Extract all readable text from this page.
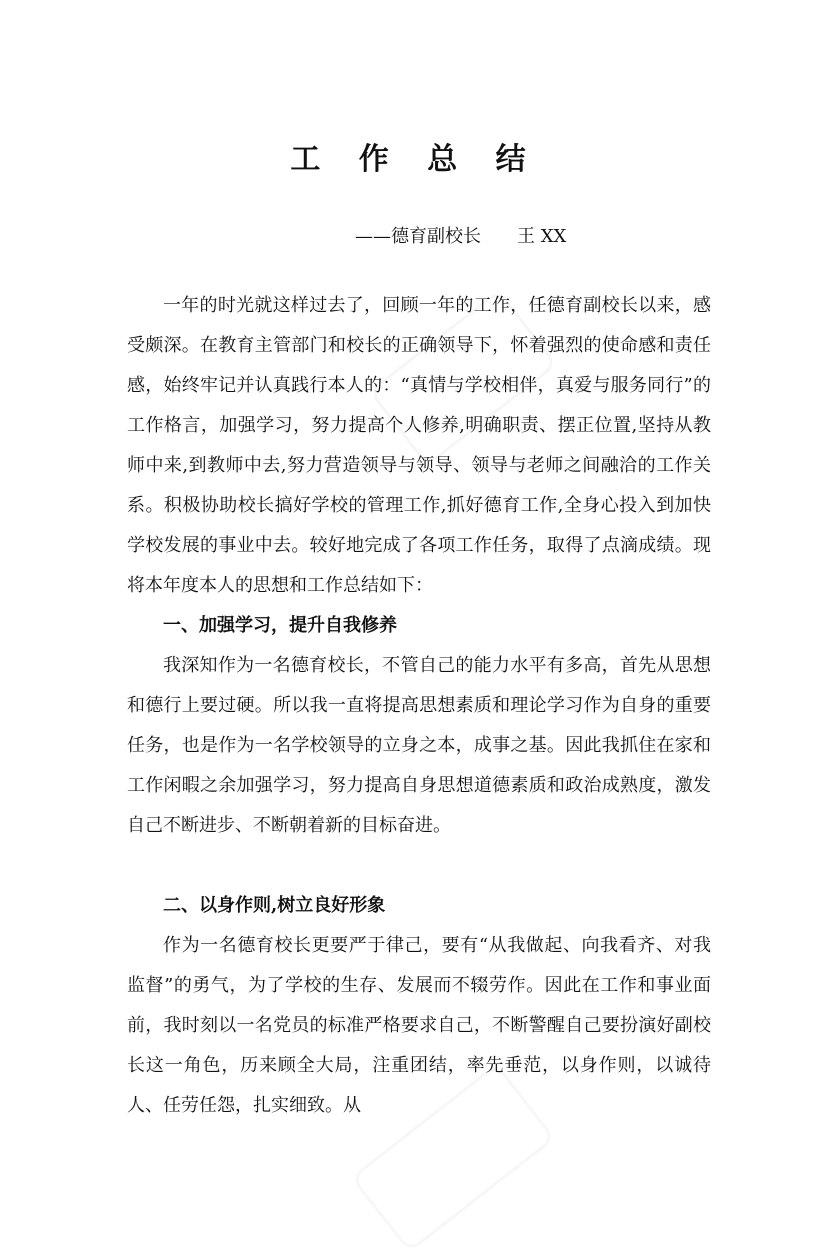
工 作 总 结
——德育副校长 王 XX

一年的时光就这样过去了，回顾一年的工作，任德育副校长以来，感受颇深。在教育主管部门和校长的正确领导下，怀着强烈的使命感和责任感，始终牢记并认真践行本人的：“真情与学校相伴，真爱与服务同行”的工作格言，加强学习，努力提高个人修养,明确职责、摆正位置,坚持从教师中来,到教师中去,努力营造领导与领导、领导与老师之间融洽的工作关系。积极协助校长搞好学校的管理工作,抓好德育工作,全身心投入到加快学校发展的事业中去。较好地完成了各项工作任务，取得了点滴成绩。现将本年度本人的思想和工作总结如下：

一、加强学习，提升自我修养

我深知作为一名德育校长，不管自己的能力水平有多高，首先从思想和德行上要过硬。所以我一直将提高思想素质和理论学习作为自身的重要任务，也是作为一名学校领导的立身之本，成事之基。因此我抓住在家和工作闲暇之余加强学习，努力提高自身思想道德素质和政治成熟度，激发自己不断进步、不断朝着新的目标奋进。

二、以身作则,树立良好形象

作为一名德育校长更要严于律己，要有“从我做起、向我看齐、对我监督”的勇气，为了学校的生存、发展而不辍劳作。因此在工作和事业面前，我时刻以一名党员的标准严格要求自己，不断警醒自己要扮演好副校长这一角色，历来顾全大局，注重团结，率先垂范，以身作则，以诚待人、任劳任怨，扎实细致。从
